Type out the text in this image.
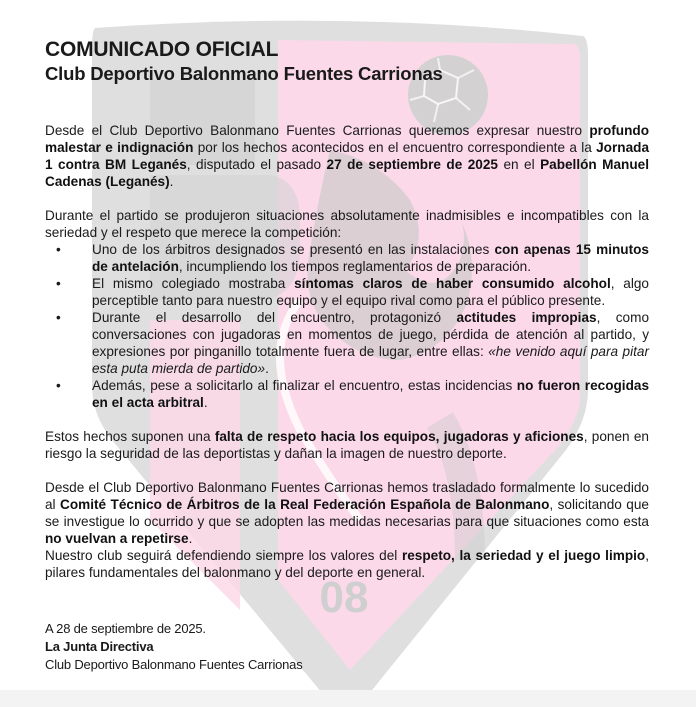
08
COMUNICADO OFICIAL
Club Deportivo Balonmano Fuentes Carrionas

Desde el Club Deportivo Balonmano Fuentes Carrionas queremos expresar nuestro profundo malestar e indignación por los hechos acontecidos en el encuentro correspondiente a la Jornada 1 contra BM Leganés, disputado el pasado 27 de septiembre de 2025 en el Pabellón Manuel Cadenas (Leganés).

Durante el partido se produjeron situaciones absolutamente inadmisibles e incompatibles con la seriedad y el respeto que merece la competición:

• Uno de los árbitros designados se presentó en las instalaciones con apenas 15 minutos de antelación, incumpliendo los tiempos reglamentarios de preparación.
• El mismo colegiado mostraba síntomas claros de haber consumido alcohol, algo perceptible tanto para nuestro equipo y el equipo rival como para el público presente.
• Durante el desarrollo del encuentro, protagonizó actitudes impropias, como conversaciones con jugadoras en momentos de juego, pérdida de atención al partido, y expresiones por pinganillo totalmente fuera de lugar, entre ellas: «he venido aquí para pitar esta puta mierda de partido».
• Además, pese a solicitarlo al finalizar el encuentro, estas incidencias no fueron recogidas en el acta arbitral.

Estos hechos suponen una falta de respeto hacia los equipos, jugadoras y aficiones, ponen en riesgo la seguridad de las deportistas y dañan la imagen de nuestro deporte.

Desde el Club Deportivo Balonmano Fuentes Carrionas hemos trasladado formalmente lo sucedido al Comité Técnico de Árbitros de la Real Federación Española de Balonmano, solicitando que se investigue lo ocurrido y que se adopten las medidas necesarias para que situaciones como esta no vuelvan a repetirse.

Nuestro club seguirá defendiendo siempre los valores del respeto, la seriedad y el juego limpio, pilares fundamentales del balonmano y del deporte en general.

A 28 de septiembre de 2025.
La Junta Directiva
Club Deportivo Balonmano Fuentes Carrionas
